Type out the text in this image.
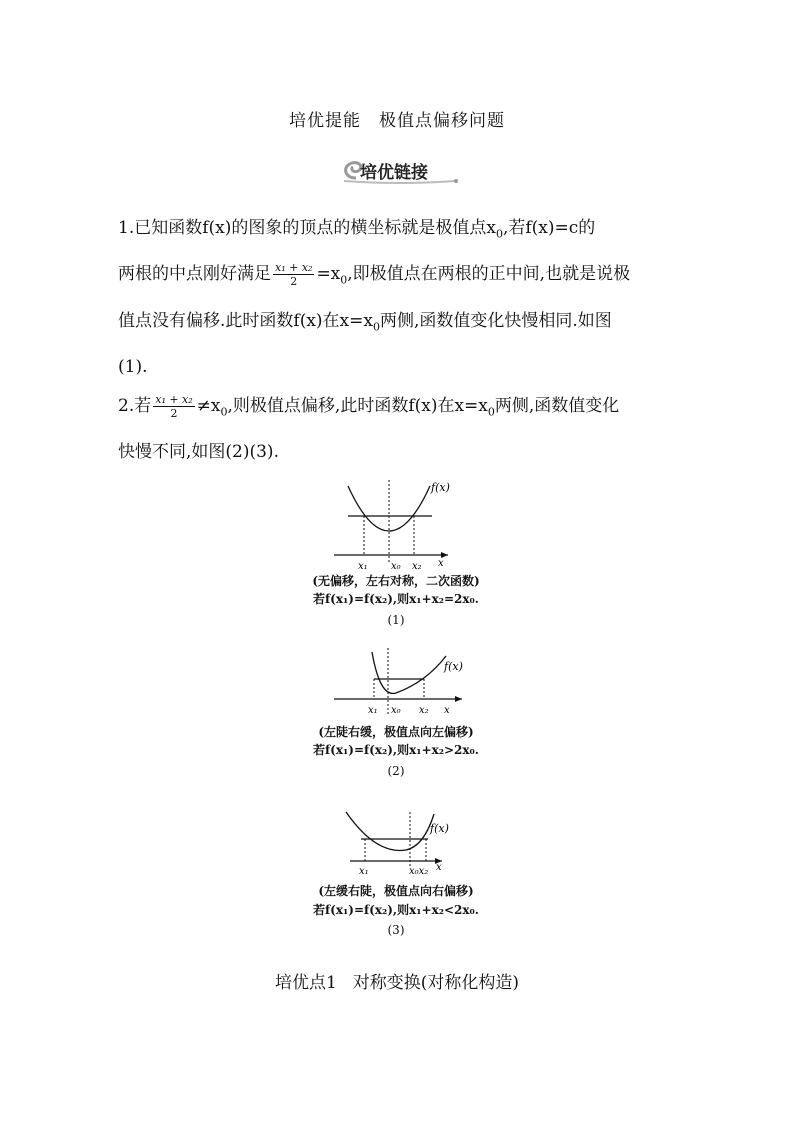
培优提能 极值点偏移问题
培优链接
1.已知函数f(x)的图象的顶点的横坐标就是极值点$x_0$,若f(x)=c的
两根的中点刚好满足 $\frac{\text{x₁ + x₂}}{2} =x_0$,即极值点在两根的正中间,也就是说极
值点没有偏移.此时函数f(x)在$x=x_0$两侧,函数值变化快慢相同.如图
(1).
2.若 $\frac{\text{x₁ + x₂}}{2} \ne x_0$,则极值点偏移,此时函数f(x)在$x=x_0$两侧,函数值变化
快慢不同,如图(2)(3).
f(x)
x₁ x₀ x₂ x
(无偏移，左右对称，二次函数)
若f(x₁)=f(x₂),则x₁+x₂=2x₀.
(1)
f(x)
x₁ x₀ x₂ x
(左陡右缓，极值点向左偏移)
若f(x₁)=f(x₂),则x₁+x₂>2x₀.
(2)
f(x)
x₁	x₀x₂ x
(左缓右陡，极值点向右偏移)
若f(x₁)=f(x₂),则x₁+x₂<2x₀.
(3)
培优点1 对称变换(对称化构造)
